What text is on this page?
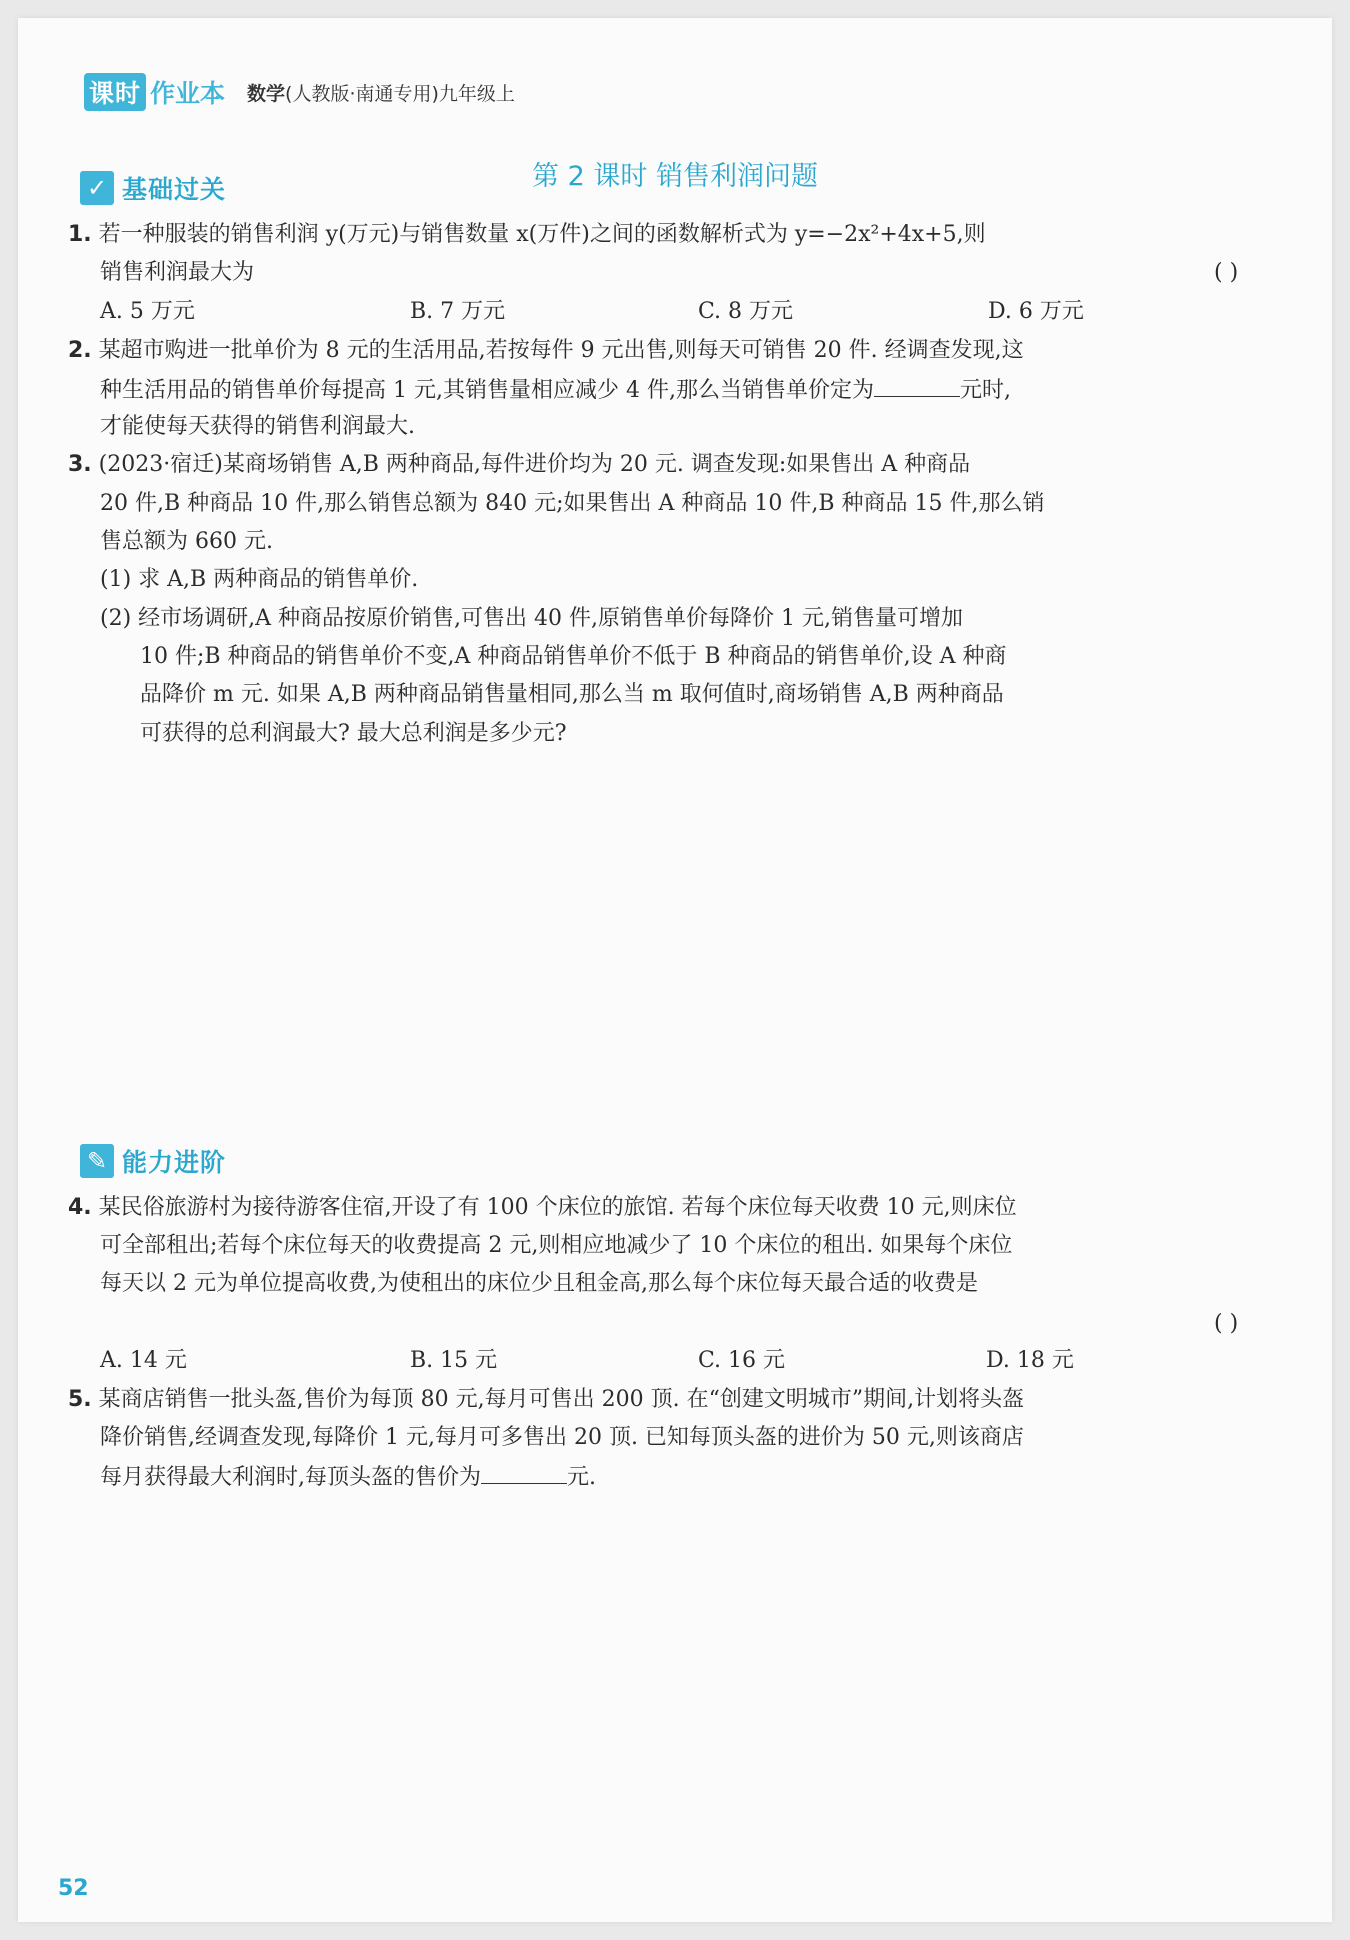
课时 作业本 数学(人教版·南通专用)九年级上
第 2 课时 销售利润问题
✓ 基础过关
1. 若一种服装的销售利润 y(万元)与销售数量 x(万件)之间的函数解析式为 y=−2x²+4x+5,则
销售利润最大为	( )
A. 5 万元	B. 7 万元	C. 8 万元	D. 6 万元
2. 某超市购进一批单价为 8 元的生活用品,若按每件 9 元出售,则每天可销售 20 件. 经调查发现,这
种生活用品的销售单价每提高 1 元,其销售量相应减少 4 件,那么当销售单价定为	元时,
才能使每天获得的销售利润最大.
3. (2023·宿迁)某商场销售 A,B 两种商品,每件进价均为 20 元. 调查发现:如果售出 A 种商品
20 件,B 种商品 10 件,那么销售总额为 840 元;如果售出 A 种商品 10 件,B 种商品 15 件,那么销
售总额为 660 元.
(1) 求 A,B 两种商品的销售单价.
(2) 经市场调研,A 种商品按原价销售,可售出 40 件,原销售单价每降价 1 元,销售量可增加
10 件;B 种商品的销售单价不变,A 种商品销售单价不低于 B 种商品的销售单价,设 A 种商
品降价 m 元. 如果 A,B 两种商品销售量相同,那么当 m 取何值时,商场销售 A,B 两种商品
可获得的总利润最大? 最大总利润是多少元?
✎ 能力进阶
4. 某民俗旅游村为接待游客住宿,开设了有 100 个床位的旅馆. 若每个床位每天收费 10 元,则床位
可全部租出;若每个床位每天的收费提高 2 元,则相应地减少了 10 个床位的租出. 如果每个床位
每天以 2 元为单位提高收费,为使租出的床位少且租金高,那么每个床位每天最合适的收费是
( )
A. 14 元	B. 15 元	C. 16 元	D. 18 元
5. 某商店销售一批头盔,售价为每顶 80 元,每月可售出 200 顶. 在“创建文明城市”期间,计划将头盔
降价销售,经调查发现,每降价 1 元,每月可多售出 20 顶. 已知每顶头盔的进价为 50 元,则该商店
每月获得最大利润时,每顶头盔的售价为	元.
52
